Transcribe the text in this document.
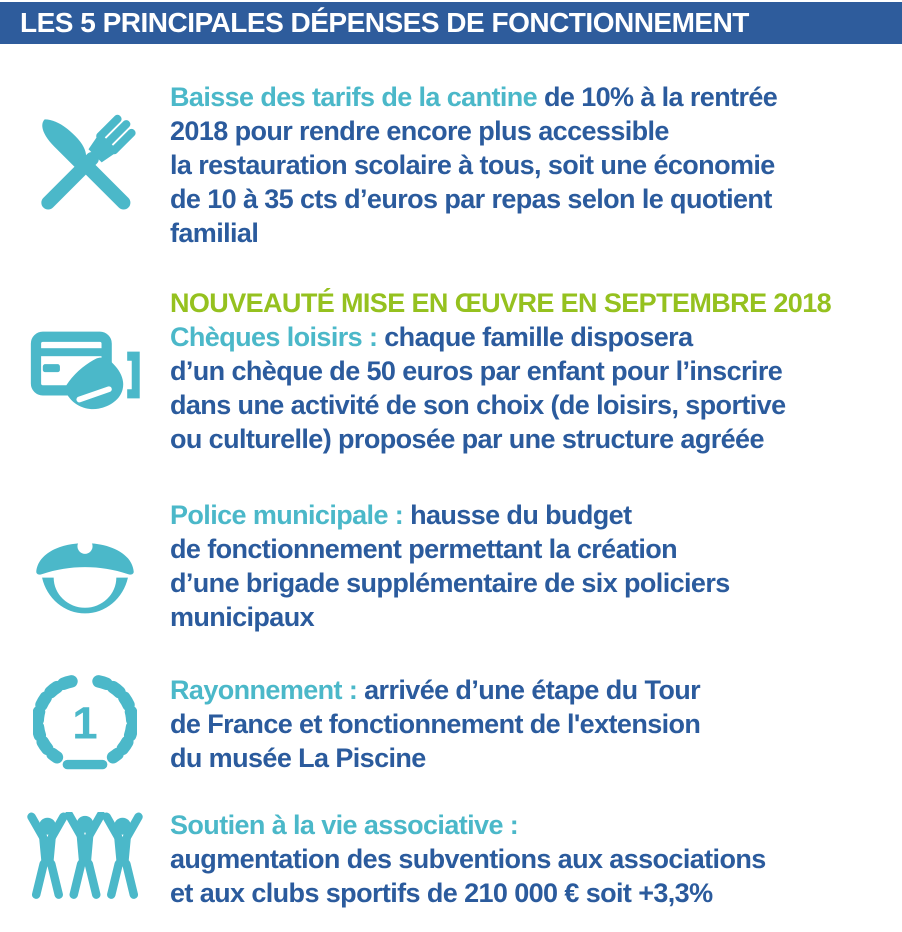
LES 5 PRINCIPALES DÉPENSES DE FONCTIONNEMENT
Baisse des tarifs de la cantine de 10% à la rentrée
2018 pour rendre encore plus accessible
la restauration scolaire à tous, soit une économie
de 10 à 35 cts d’euros par repas selon le quotient
familial
NOUVEAUTÉ MISE EN ŒUVRE EN SEPTEMBRE 2018
Chèques loisirs : chaque famille disposera
d’un chèque de 50 euros par enfant pour l’inscrire
dans une activité de son choix (de loisirs, sportive
ou culturelle) proposée par une structure agréée
Police municipale : hausse du budget
de fonctionnement permettant la création
d’une brigade supplémentaire de six policiers
municipaux
1
Rayonnement : arrivée d’une étape du Tour
de France et fonctionnement de l'extension
du musée La Piscine
Soutien à la vie associative :
augmentation des subventions aux associations
et aux clubs sportifs de 210 000 € soit +3,3%
